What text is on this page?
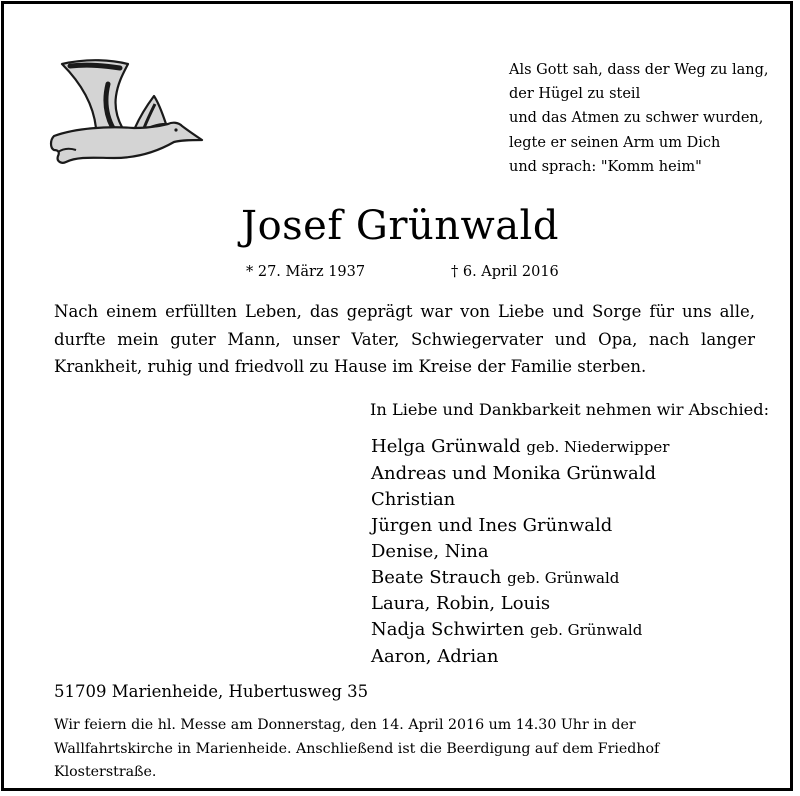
Als Gott sah, dass der Weg zu lang,
der Hügel zu steil
und das Atmen zu schwer wurden,
legte er seinen Arm um Dich
und sprach: "Komm heim"
Josef Grünwald
* 27. März 1937	† 6. April 2016
Nach einem erfüllten Leben, das geprägt war von Liebe und Sorge für uns alle, durfte mein guter Mann, unser Vater, Schwiegervater und Opa, nach langer Krankheit, ruhig und friedvoll zu Hause im Kreise der Familie sterben.
In Liebe und Dankbarkeit nehmen wir Abschied:
Helga Grünwald geb. Niederwipper
Andreas und Monika Grünwald
Christian
Jürgen und Ines Grünwald
Denise, Nina
Beate Strauch geb. Grünwald
Laura, Robin, Louis
Nadja Schwirten geb. Grünwald
Aaron, Adrian
51709 Marienheide, Hubertusweg 35
Wir feiern die hl. Messe am Donnerstag, den 14. April 2016 um 14.30 Uhr in der Wallfahrtskirche in Marienheide. Anschließend ist die Beerdigung auf dem Friedhof Klosterstraße.
